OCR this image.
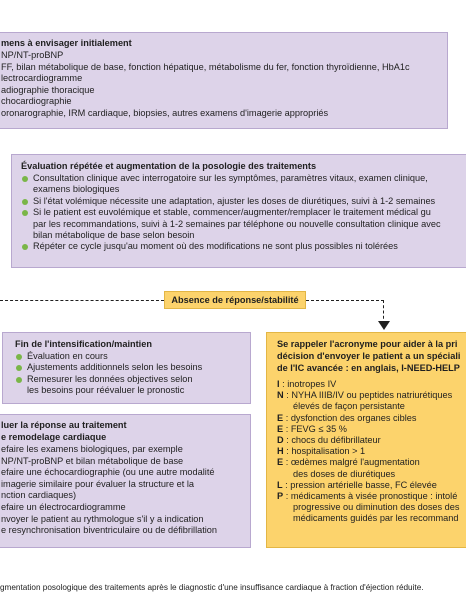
mens à envisager initialement
NP/NT-proBNP
FF, bilan métabolique de base, fonction hépatique, métabolisme du fer, fonction thyroïdienne, HbA1c
lectrocardiogramme
adiographie thoracique
chocardiographie
oronarographie, IRM cardiaque, biopsies, autres examens d'imagerie appropriés
Évaluation répétée et augmentation de la posologie des traitements
Consultation clinique avec interrogatoire sur les symptômes, paramètres vitaux, examen clinique,
examens biologiques
Si l'état volémique nécessite une adaptation, ajuster les doses de diurétiques, suivi à 1-2 semaines
Si le patient est euvolémique et stable, commencer/augmenter/remplacer le traitement médical gu
par les recommandations, suivi à 1-2 semaines par téléphone ou nouvelle consultation clinique avec
bilan métabolique de base selon besoin
Répéter ce cycle jusqu'au moment où des modifications ne sont plus possibles ni tolérées
Absence de réponse/stabilité
Fin de l'intensification/maintien
Évaluation en cours
Ajustements additionnels selon les besoins
Remesurer les données objectives selon
les besoins pour réévaluer le pronostic
luer la réponse au traitement
e remodelage cardiaque
efaire les examens biologiques, par exemple
NP/NT-proBNP et bilan métabolique de base
efaire une échocardiographie (ou une autre modalité
imagerie similaire pour évaluer la structure et la
nction cardiaques)
efaire un électrocardiogramme
nvoyer le patient au rythmologue s'il y a indication
e resynchronisation biventriculaire ou de défibrillation
Se rappeler l'acronyme pour aider à la pri
décision d'envoyer le patient a un spéciali
de l'IC avancée : en anglais, I-NEED-HELP
I : inotropes IV
N : NYHA IIIB/IV ou peptides natriurétiques
élevés de façon persistante
E : dysfonction des organes cibles
E : FEVG ≤ 35 %
D : chocs du défibrillateur
H : hospitalisation > 1
E : œdèmes malgré l'augmentation
des doses de diurétiques
L : pression artérielle basse, FC élevée
P : médicaments à visée pronostique : intolé
progressive ou diminution des doses des
médicaments guidés par les recommand
gmentation posologique des traitements après le diagnostic d'une insuffisance cardiaque à fraction d'éjection réduite.
